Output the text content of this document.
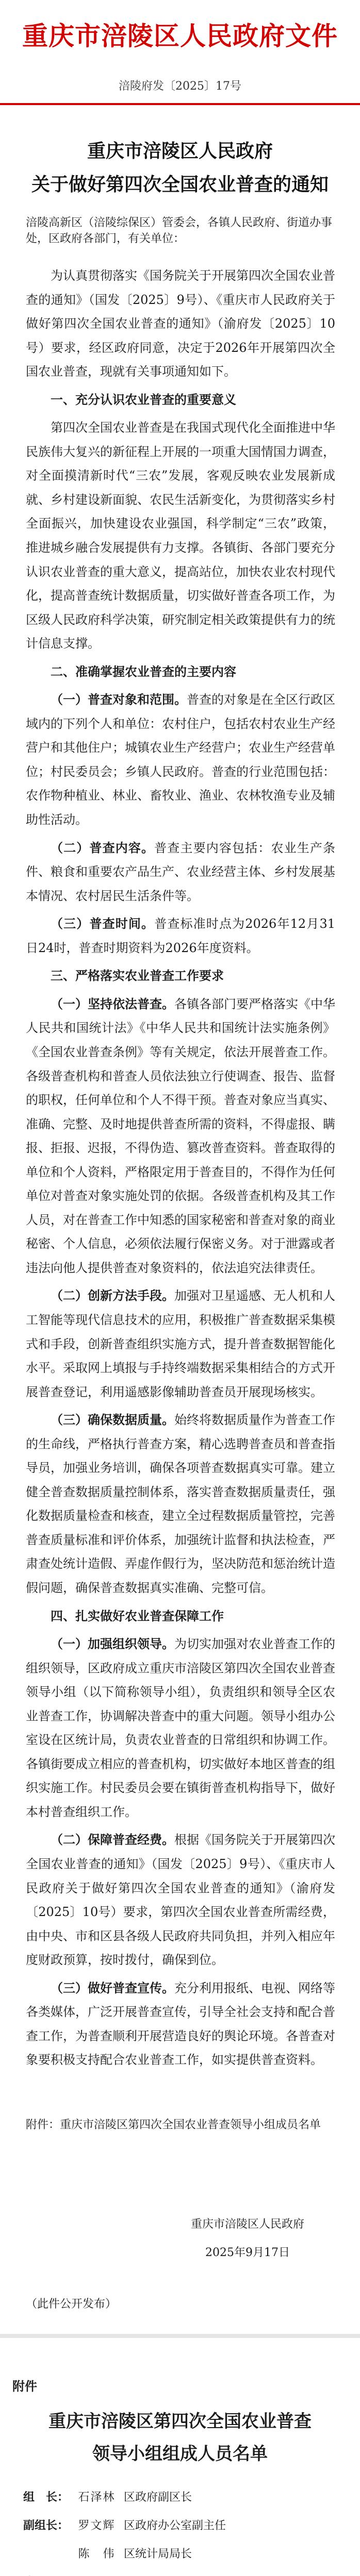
重庆市涪陵区人民政府文件
涪陵府发〔2025〕17号
重庆市涪陵区人民政府
关于做好第四次全国农业普查的通知
涪陵高新区（涪陵综保区）管委会，各镇人民政府、街道办事处，区政府各部门，有关单位：

为认真贯彻落实《国务院关于开展第四次全国农业普查的通知》（国发〔2025〕9号）、《重庆市人民政府关于做好第四次全国农业普查的通知》（渝府发〔2025〕10号）要求，经区政府同意，决定于2026年开展第四次全国农业普查，现就有关事项通知如下。

一、充分认识农业普查的重要意义

第四次全国农业普查是在我国式现代化全面推进中华民族伟大复兴的新征程上开展的一项重大国情国力调查，对全面摸清新时代“三农”发展，客观反映农业发展新成就、乡村建设新面貌、农民生活新变化，为贯彻落实乡村全面振兴，加快建设农业强国，科学制定“三农”政策，推进城乡融合发展提供有力支撑。各镇街、各部门要充分认识农业普查的重大意义，提高站位，加快农业农村现代化，提高普查统计数据质量，切实做好普查各项工作，为区级人民政府科学决策，研究制定相关政策提供有力的统计信息支撑。

二、准确掌握农业普查的主要内容

（一）普查对象和范围。普查的对象是在全区行政区域内的下列个人和单位：农村住户，包括农村农业生产经营户和其他住户；城镇农业生产经营户；农业生产经营单位；村民委员会；乡镇人民政府。普查的行业范围包括：农作物种植业、林业、畜牧业、渔业、农林牧渔专业及辅助性活动。

（二）普查内容。普查主要内容包括：农业生产条件、粮食和重要农产品生产、农业经营主体、乡村发展基本情况、农村居民生活条件等。

（三）普查时间。普查标准时点为2026年12月31日24时，普查时期资料为2026年度资料。

三、严格落实农业普查工作要求

（一）坚持依法普查。各镇各部门要严格落实《中华人民共和国统计法》《中华人民共和国统计法实施条例》《全国农业普查条例》等有关规定，依法开展普查工作。各级普查机构和普查人员依法独立行使调查、报告、监督的职权，任何单位和个人不得干预。普查对象应当真实、准确、完整、及时地提供普查所需的资料，不得虚报、瞒报、拒报、迟报，不得伪造、篡改普查资料。普查取得的单位和个人资料，严格限定用于普查目的，不得作为任何单位对普查对象实施处罚的依据。各级普查机构及其工作人员，对在普查工作中知悉的国家秘密和普查对象的商业秘密、个人信息，必须依法履行保密义务。对于泄露或者违法向他人提供普查对象资料的，依法追究法律责任。

（二）创新方法手段。加强对卫星遥感、无人机和人工智能等现代信息技术的应用，积极推广普查数据采集模式和手段，创新普查组织实施方式，提升普查数据智能化水平。采取网上填报与手持终端数据采集相结合的方式开展普查登记，利用遥感影像辅助普查员开展现场核实。

（三）确保数据质量。始终将数据质量作为普查工作的生命线，严格执行普查方案，精心选聘普查员和普查指导员，加强业务培训，确保各项普查数据真实可靠。建立健全普查数据质量控制体系，落实普查数据质量责任，强化数据质量检查和核查，建立全过程数据质量管控，完善普查质量标准和评价体系，加强统计监督和执法检查，严肃查处统计造假、弄虚作假行为，坚决防范和惩治统计造假问题，确保普查数据真实准确、完整可信。

四、扎实做好农业普查保障工作

（一）加强组织领导。为切实加强对农业普查工作的组织领导，区政府成立重庆市涪陵区第四次全国农业普查领导小组（以下简称领导小组），负责组织和领导全区农业普查工作，协调解决普查中的重大问题。领导小组办公室设在区统计局，负责农业普查的日常组织和协调工作。各镇街要成立相应的普查机构，切实做好本地区普查的组织实施工作。村民委员会要在镇街普查机构指导下，做好本村普查组织工作。

（二）保障普查经费。根据《国务院关于开展第四次全国农业普查的通知》（国发〔2025〕9号）、《重庆市人民政府关于做好第四次全国农业普查的通知》（渝府发〔2025〕10号）要求，第四次全国农业普查所需经费，由中央、市和区县各级人民政府共同负担，并列入相应年度财政预算，按时拨付，确保到位。

（三）做好普查宣传。充分利用报纸、电视、网络等各类媒体，广泛开展普查宣传，引导全社会支持和配合普查工作，为普查顺利开展营造良好的舆论环境。各普查对象要积极支持配合农业普查工作，如实提供普查资料。

附件：重庆市涪陵区第四次全国农业普查领导小组成员名单
重庆市涪陵区人民政府
2025年9月17日
（此件公开发布）
附件
重庆市涪陵区第四次全国农业普查
领导小组组成人员名单
组　长： 石泽林 区政府副区长
副组长： 罗文辉 区政府办公室副主任
陈　伟 区统计局局长
